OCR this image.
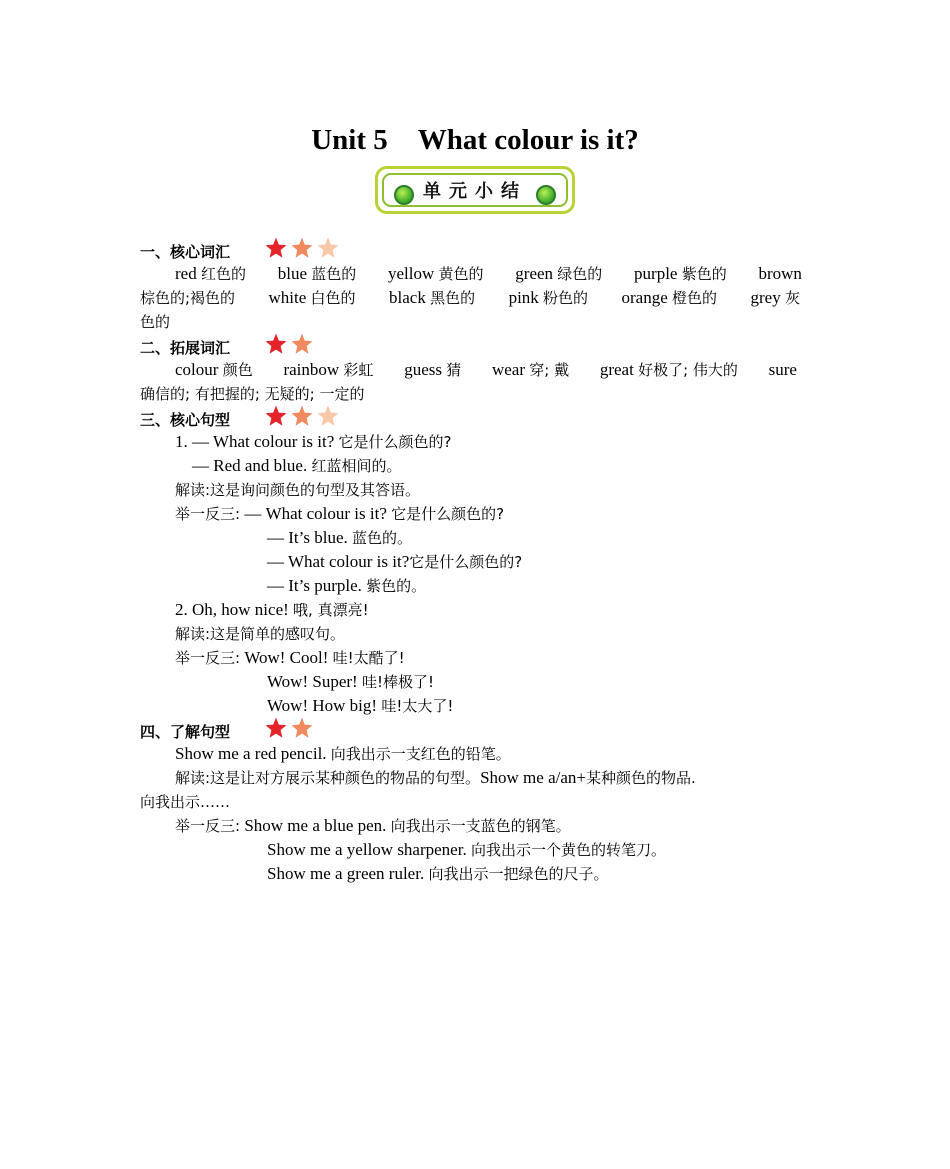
Unit 5 What colour is it?
单元小结
一、核心词汇
red 红色的 blue 蓝色的 yellow 黄色的 green 绿色的 purple 紫色的 brown
棕色的;褐色的 white 白色的 black 黑色的 pink 粉色的 orange 橙色的 grey 灰
色的
二、拓展词汇
colour 颜色 rainbow 彩虹 guess 猜 wear 穿; 戴 great 好极了; 伟大的 sure
确信的; 有把握的; 无疑的; 一定的
三、核心句型
1. — What colour is it? 它是什么颜色的?
— Red and blue. 红蓝相间的。
解读:这是询问颜色的句型及其答语。
举一反三: — What colour is it? 它是什么颜色的?
— It’s blue. 蓝色的。
— What colour is it?它是什么颜色的?
— It’s purple. 紫色的。
2. Oh, how nice! 哦, 真漂亮!
解读:这是简单的感叹句。
举一反三: Wow! Cool! 哇!太酷了!
Wow! Super! 哇!棒极了!
Wow! How big! 哇!太大了!
四、了解句型
Show me a red pencil. 向我出示一支红色的铅笔。
解读:这是让对方展示某种颜色的物品的句型。Show me a/an+某种颜色的物品.
向我出示……
举一反三: Show me a blue pen. 向我出示一支蓝色的钢笔。
Show me a yellow sharpener. 向我出示一个黄色的转笔刀。
Show me a green ruler. 向我出示一把绿色的尺子。
